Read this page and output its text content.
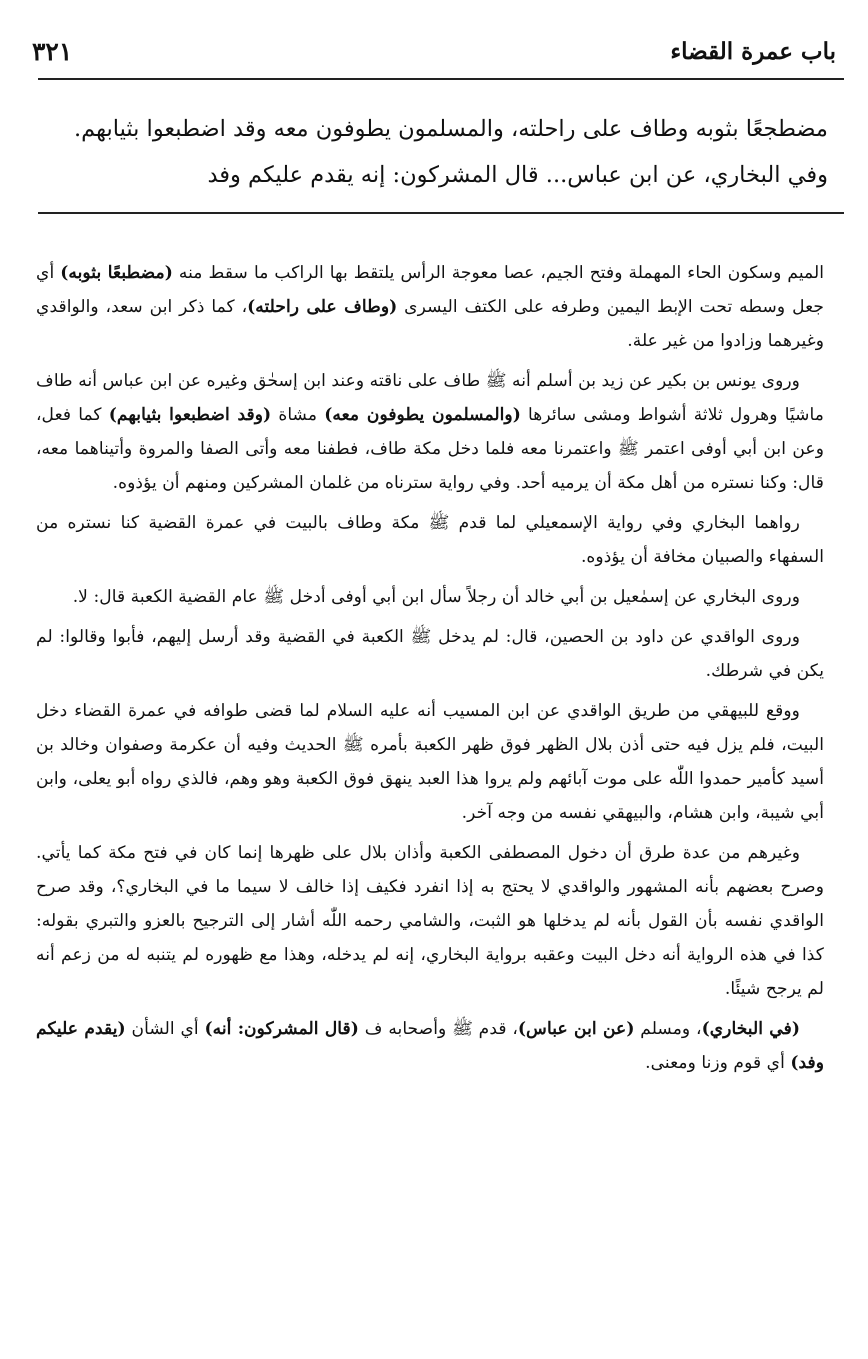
باب عمرة القضاء
٣٢١

مضطجعًا بثوبه وطاف على راحلته، والمسلمون يطوفون معه وقد اضطبعوا بثيابهم.

وفي البخاري، عن ابن عباس... قال المشركون: إنه يقدم عليكم وفد

الميم وسكون الحاء المهملة وفتح الجيم، عصا معوجة الرأس يلتقط بها الراكب ما سقط منه (مضطبعًا بثوبه) أي جعل وسطه تحت الإبط اليمين وطرفه على الكتف اليسرى (وطاف على راحلته)، كما ذكر ابن سعد، والواقدي وغيرهما وزادوا من غير علة.

وروى يونس بن بكير عن زيد بن أسلم أنه ﷺ طاف على ناقته وعند ابن إسحٰق وغيره عن ابن عباس أنه طاف ماشيًا وهرول ثلاثة أشواط ومشى سائرها (والمسلمون يطوفون معه) مشاة (وقد اضطبعوا بثيابهم) كما فعل، وعن ابن أبي أوفى اعتمر ﷺ واعتمرنا معه فلما دخل مكة طاف، فطفنا معه وأتى الصفا والمروة وأتيناهما معه، قال: وكنا نستره من أهل مكة أن يرميه أحد. وفي رواية سترناه من غلمان المشركين ومنهم أن يؤذوه.

رواهما البخاري وفي رواية الإسمعيلي لما قدم ﷺ مكة وطاف بالبيت في عمرة القضية كنا نستره من السفهاء والصبيان مخافة أن يؤذوه.

وروى البخاري عن إسمٰعيل بن أبي خالد أن رجلاً سأل ابن أبي أوفى أدخل ﷺ عام القضية الكعبة قال: لا.

وروى الواقدي عن داود بن الحصين، قال: لم يدخل ﷺ الكعبة في القضية وقد أرسل إليهم، فأبوا وقالوا: لم يكن في شرطك.

ووقع للبيهقي من طريق الواقدي عن ابن المسيب أنه عليه السلام لما قضى طوافه في عمرة القضاء دخل البيت، فلم يزل فيه حتى أذن بلال الظهر فوق ظهر الكعبة بأمره ﷺ الحديث وفيه أن عكرمة وصفوان وخالد بن أسيد كأمير حمدوا اللّٰه على موت آبائهم ولم يروا هذا العبد ينهق فوق الكعبة وهو وهم، فالذي رواه أبو يعلى، وابن أبي شيبة، وابن هشام، والبيهقي نفسه من وجه آخر.

وغيرهم من عدة طرق أن دخول المصطفى الكعبة وأذان بلال على ظهرها إنما كان في فتح مكة كما يأتي. وصرح بعضهم بأنه المشهور والواقدي لا يحتج به إذا انفرد فكيف إذا خالف لا سيما ما في البخاري؟، وقد صرح الواقدي نفسه بأن القول بأنه لم يدخلها هو الثبت، والشامي رحمه اللّٰه أشار إلى الترجيح بالعزو والتبري بقوله: كذا في هذه الرواية أنه دخل البيت وعقبه برواية البخاري، إنه لم يدخله، وهذا مع ظهوره لم يتنبه له من زعم أنه لم يرجح شيئًا.

(في البخاري)، ومسلم (عن ابن عباس)، قدم ﷺ وأصحابه ف (قال المشركون: أنه) أي الشأن (يقدم عليكم وفد) أي قوم وزنا ومعنى.
